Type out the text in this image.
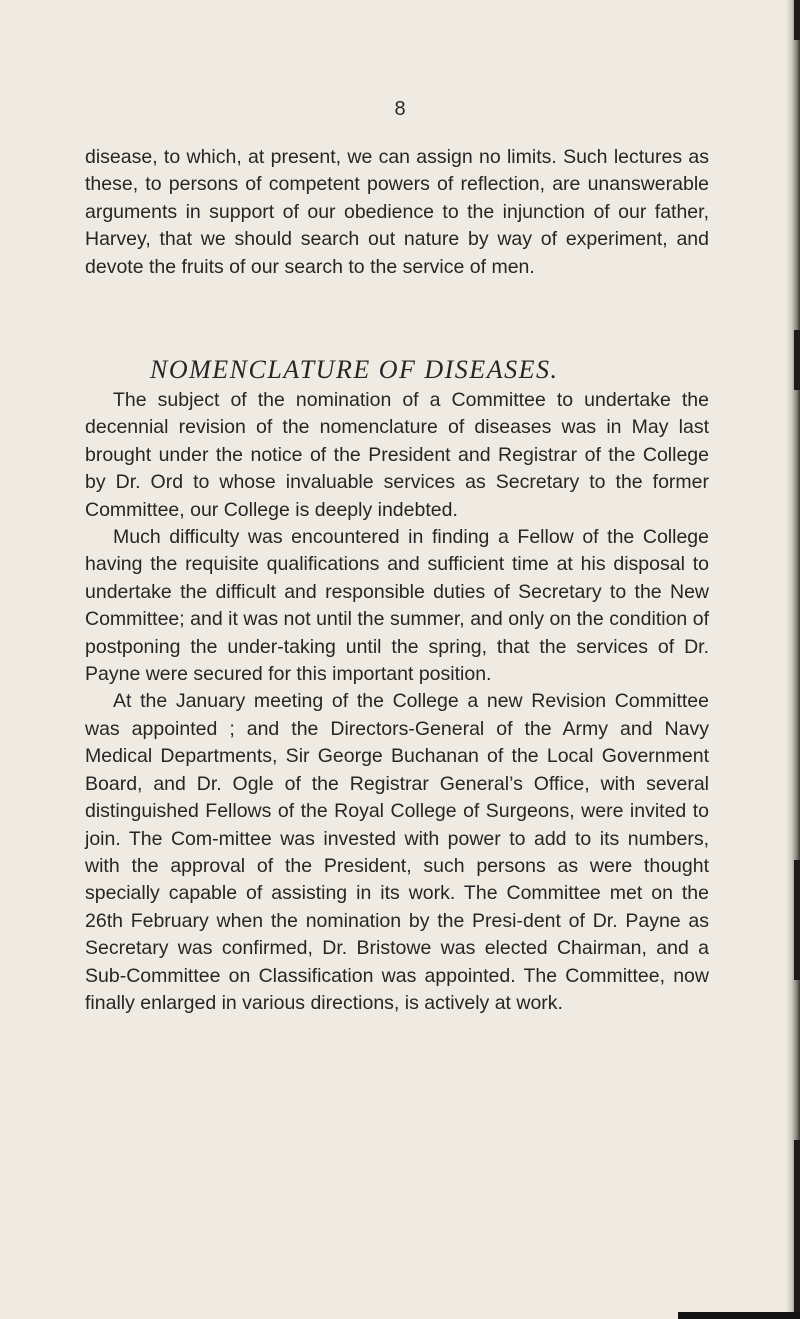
8

disease, to which, at present, we can assign no limits. Such lectures as these, to persons of competent powers of reflection, are unanswerable arguments in support of our obedience to the injunction of our father, Harvey, that we should search out nature by way of experiment, and devote the fruits of our search to the service of men.

NOMENCLATURE OF DISEASES.

The subject of the nomination of a Committee to undertake the decennial revision of the nomenclature of diseases was in May last brought under the notice of the President and Registrar of the College by Dr. Ord to whose invaluable services as Secretary to the former Committee, our College is deeply indebted.

Much difficulty was encountered in finding a Fellow of the College having the requisite qualifications and sufficient time at his disposal to undertake the difficult and responsible duties of Secretary to the New Committee; and it was not until the summer, and only on the condition of postponing the under-taking until the spring, that the services of Dr. Payne were secured for this important position.

At the January meeting of the College a new Revision Committee was appointed ; and the Directors-General of the Army and Navy Medical Departments, Sir George Buchanan of the Local Government Board, and Dr. Ogle of the Registrar General’s Office, with several distinguished Fellows of the Royal College of Surgeons, were invited to join. The Com-mittee was invested with power to add to its numbers, with the approval of the President, such persons as were thought specially capable of assisting in its work. The Committee met on the 26th February when the nomination by the Presi-dent of Dr. Payne as Secretary was confirmed, Dr. Bristowe was elected Chairman, and a Sub-Committee on Classification was appointed. The Committee, now finally enlarged in various directions, is actively at work.
